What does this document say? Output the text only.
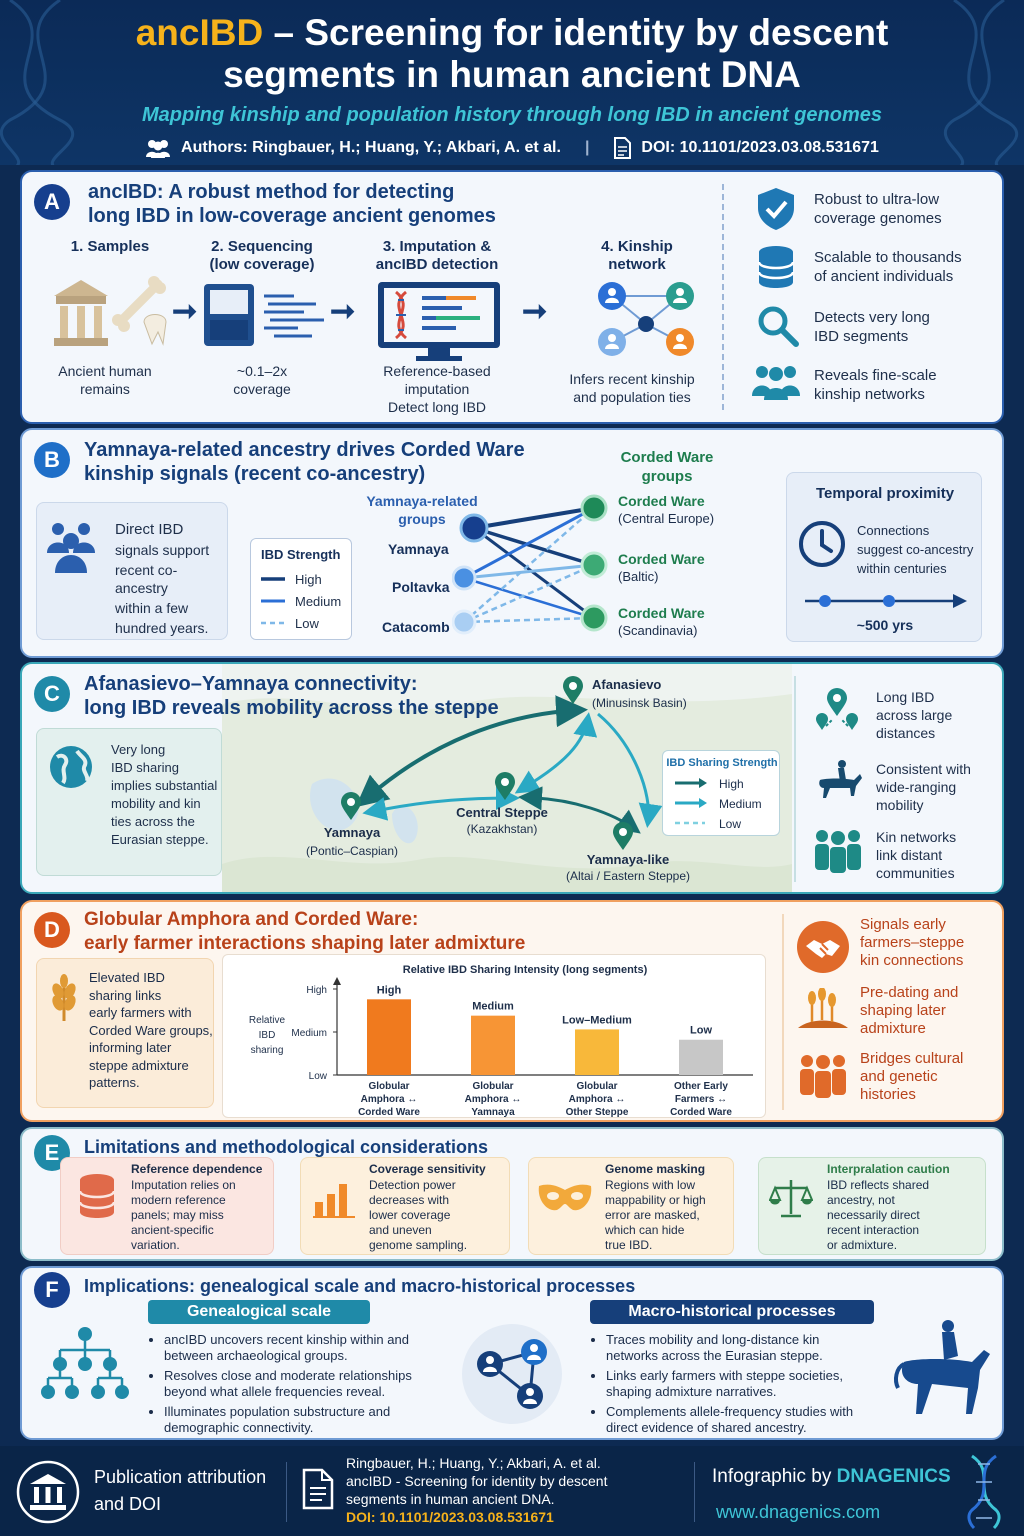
ancIBD – Screening for identity by descent
segments in human ancient DNA
Mapping kinship and population history through long IBD in ancient genomes
Authors: Ringbauer, H.; Huang, Y.; Akbari, A. et al. |	DOI: 10.1101/2023.03.08.531671
A	ancIBD: A robust method for detecting
long IBD in low-coverage ancient genomes
1. Samples
Ancient human
remains
➞
2. Sequencing
(low coverage)
~0.1–2x
coverage
➞
3. Imputation &
ancIBD detection
Reference-based
imputation
Detect long IBD
➞
4. Kinship
network
Infers recent kinship
and population ties
Robust to ultra-low
coverage genomes
Scalable to thousands
of ancient individuals
Detects very long
IBD segments
Reveals fine-scale
kinship networks
B	Yamnaya-related ancestry drives Corded Ware
kinship signals (recent co-ancestry)
Direct IBD
signals support
recent co-ancestry
within a few
hundred years.
IBD Strength
High
Medium
Low
Yamnaya-related
groups
Yamnaya
Poltavka
Catacomb
Corded Ware
groups
Corded Ware
(Central Europe)
Corded Ware
(Baltic)
Corded Ware
(Scandinavia)
Temporal proximity
Connections
suggest co-ancestry
within centuries
~500 yrs
C	Afanasievo–Yamnaya connectivity:
long IBD reveals mobility across the steppe
Very long
IBD sharing
implies substantial
mobility and kin
ties across the
Eurasian steppe.
Afanasievo
(Minusinsk Basin)
Yamnaya
(Pontic–Caspian)
Central Steppe
(Kazakhstan)
Yamnaya-like
(Altai / Eastern Steppe)
IBD Sharing Strength
High
Medium
Low
Long IBD
across large
distances
Consistent with
wide-ranging
mobility
Kin networks
link distant
communities
D	Globular Amphora and Corded Ware:
early farmer interactions shaping later admixture
Elevated IBD
sharing links
early farmers with
Corded Ware groups,
informing later
steppe admixture
patterns.
Relative IBD Sharing Intensity (long segments)
Relative
IBD
sharing
High
Medium
Low
High
Globular
Amphora ↔
Corded Ware
Medium
Globular
Amphora ↔
Yamnaya
Low–Medium
Globular
Amphora ↔
Other Steppe
Low
Other Early
Farmers ↔
Corded Ware
Signals early
farmers–steppe
kin connections
Pre-dating and
shaping later
admixture
Bridges cultural
and genetic
histories
E	Limitations and methodological considerations
Reference dependence
Imputation relies on
modern reference
panels; may miss
ancient-specific
variation.
Coverage sensitivity
Detection power
decreases with
lower coverage
and uneven
genome sampling.
Genome masking
Regions with low
mappability or high
error are masked,
which can hide
true IBD.
Interpralation caution
IBD reflects shared
ancestry, not
necessarily direct
recent interaction
or admixture.
F	Implications: genealogical scale and macro-historical processes
Genealogical scale
• ancIBD uncovers recent kinship within and
between archaeological groups.
• Resolves close and moderate relationships
beyond what allele frequencies reveal.
• Illuminates population substructure and
demographic connectivity.
Macro-historical processes
• Traces mobility and long-distance kin
networks across the Eurasian steppe.
• Links early farmers with steppe societies,
shaping admixture narratives.
• Complements allele-frequency studies with
direct evidence of shared ancestry.
Publication attribution
and DOI
Ringbauer, H.; Huang, Y.; Akbari, A. et al.
ancIBD - Screening for identity by descent
segments in human ancient DNA.
DOI: 10.1101/2023.03.08.531671
Infographic by DNAGENICS
www.dnagenics.com
